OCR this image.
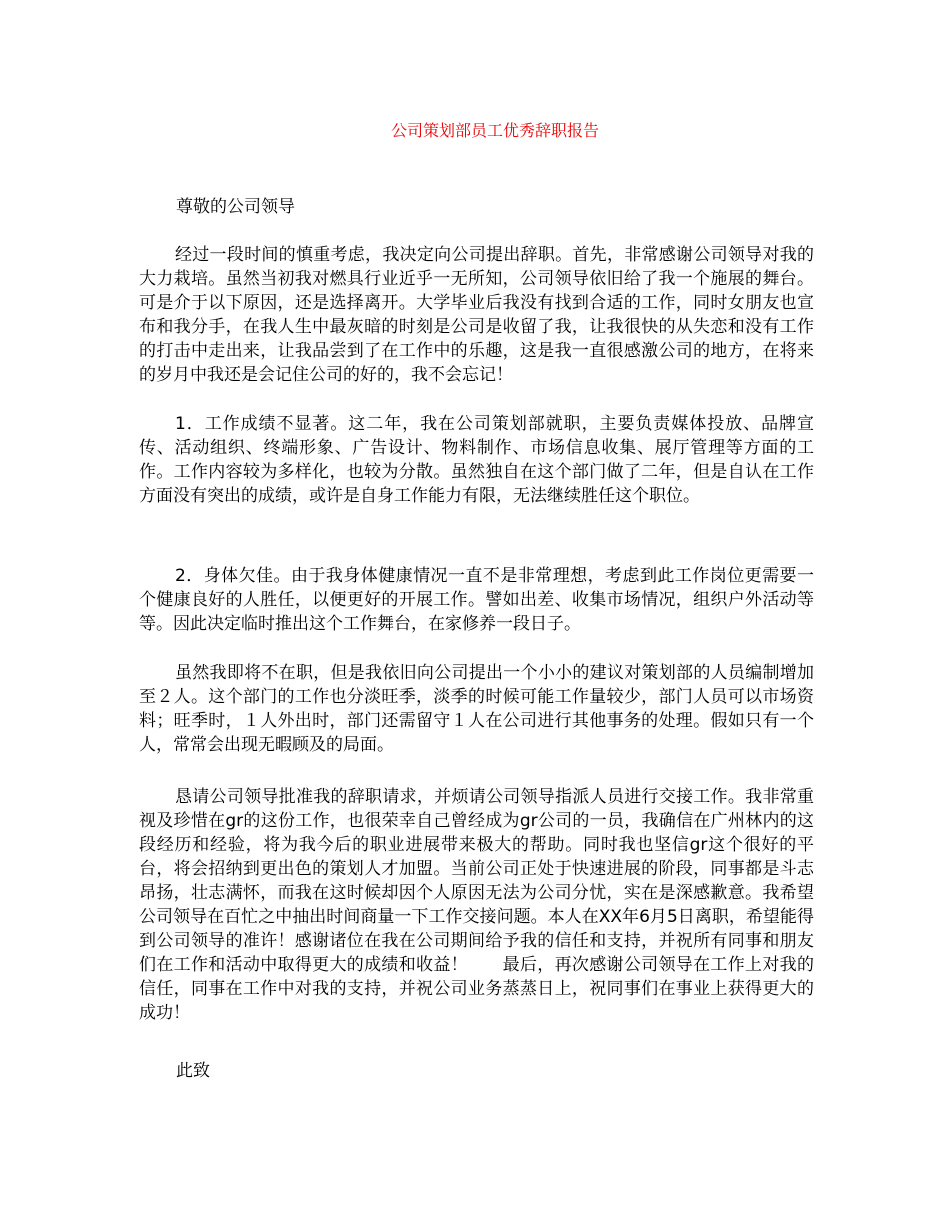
公司策划部员工优秀辞职报告
尊敬的公司领导
经过一段时间的慎重考虑，我决定向公司提出辞职。首先，非常感谢公司领导对我的大力栽培。虽然当初我对燃具行业近乎一无所知，公司领导依旧给了我一个施展的舞台。可是介于以下原因，还是选择离开。大学毕业后我没有找到合适的工作，同时女朋友也宣布和我分手，在我人生中最灰暗的时刻是公司是收留了我，让我很快的从失恋和没有工作的打击中走出来，让我品尝到了在工作中的乐趣，这是我一直很感激公司的地方，在将来的岁月中我还是会记住公司的好的，我不会忘记！
1．工作成绩不显著。这二年，我在公司策划部就职，主要负责媒体投放、品牌宣传、活动组织、终端形象、广告设计、物料制作、市场信息收集、展厅管理等方面的工作。工作内容较为多样化，也较为分散。虽然独自在这个部门做了二年，但是自认在工作方面没有突出的成绩，或许是自身工作能力有限，无法继续胜任这个职位。
2．身体欠佳。由于我身体健康情况一直不是非常理想，考虑到此工作岗位更需要一个健康良好的人胜任，以便更好的开展工作。譬如出差、收集市场情况，组织户外活动等等。因此决定临时推出这个工作舞台，在家修养一段日子。
虽然我即将不在职，但是我依旧向公司提出一个小小的建议对策划部的人员编制增加至２人。这个部门的工作也分淡旺季，淡季的时候可能工作量较少，部门人员可以市场资料；旺季时，１人外出时，部门还需留守１人在公司进行其他事务的处理。假如只有一个人，常常会出现无暇顾及的局面。
恳请公司领导批准我的辞职请求，并烦请公司领导指派人员进行交接工作。我非常重视及珍惜在gr的这份工作，也很荣幸自己曾经成为gr公司的一员，我确信在广州林内的这段经历和经验，将为我今后的职业进展带来极大的帮助。同时我也坚信gr这个很好的平台，将会招纳到更出色的策划人才加盟。当前公司正处于快速进展的阶段，同事都是斗志昂扬，壮志满怀，而我在这时候却因个人原因无法为公司分忧，实在是深感歉意。我希望公司领导在百忙之中抽出时间商量一下工作交接问题。本人在XX年6月5日离职，希望能得到公司领导的准许！感谢诸位在我在公司期间给予我的信任和支持，并祝所有同事和朋友们在工作和活动中取得更大的成绩和收益！　　最后，再次感谢公司领导在工作上对我的信任，同事在工作中对我的支持，并祝公司业务蒸蒸日上，祝同事们在事业上获得更大的成功！
此致
